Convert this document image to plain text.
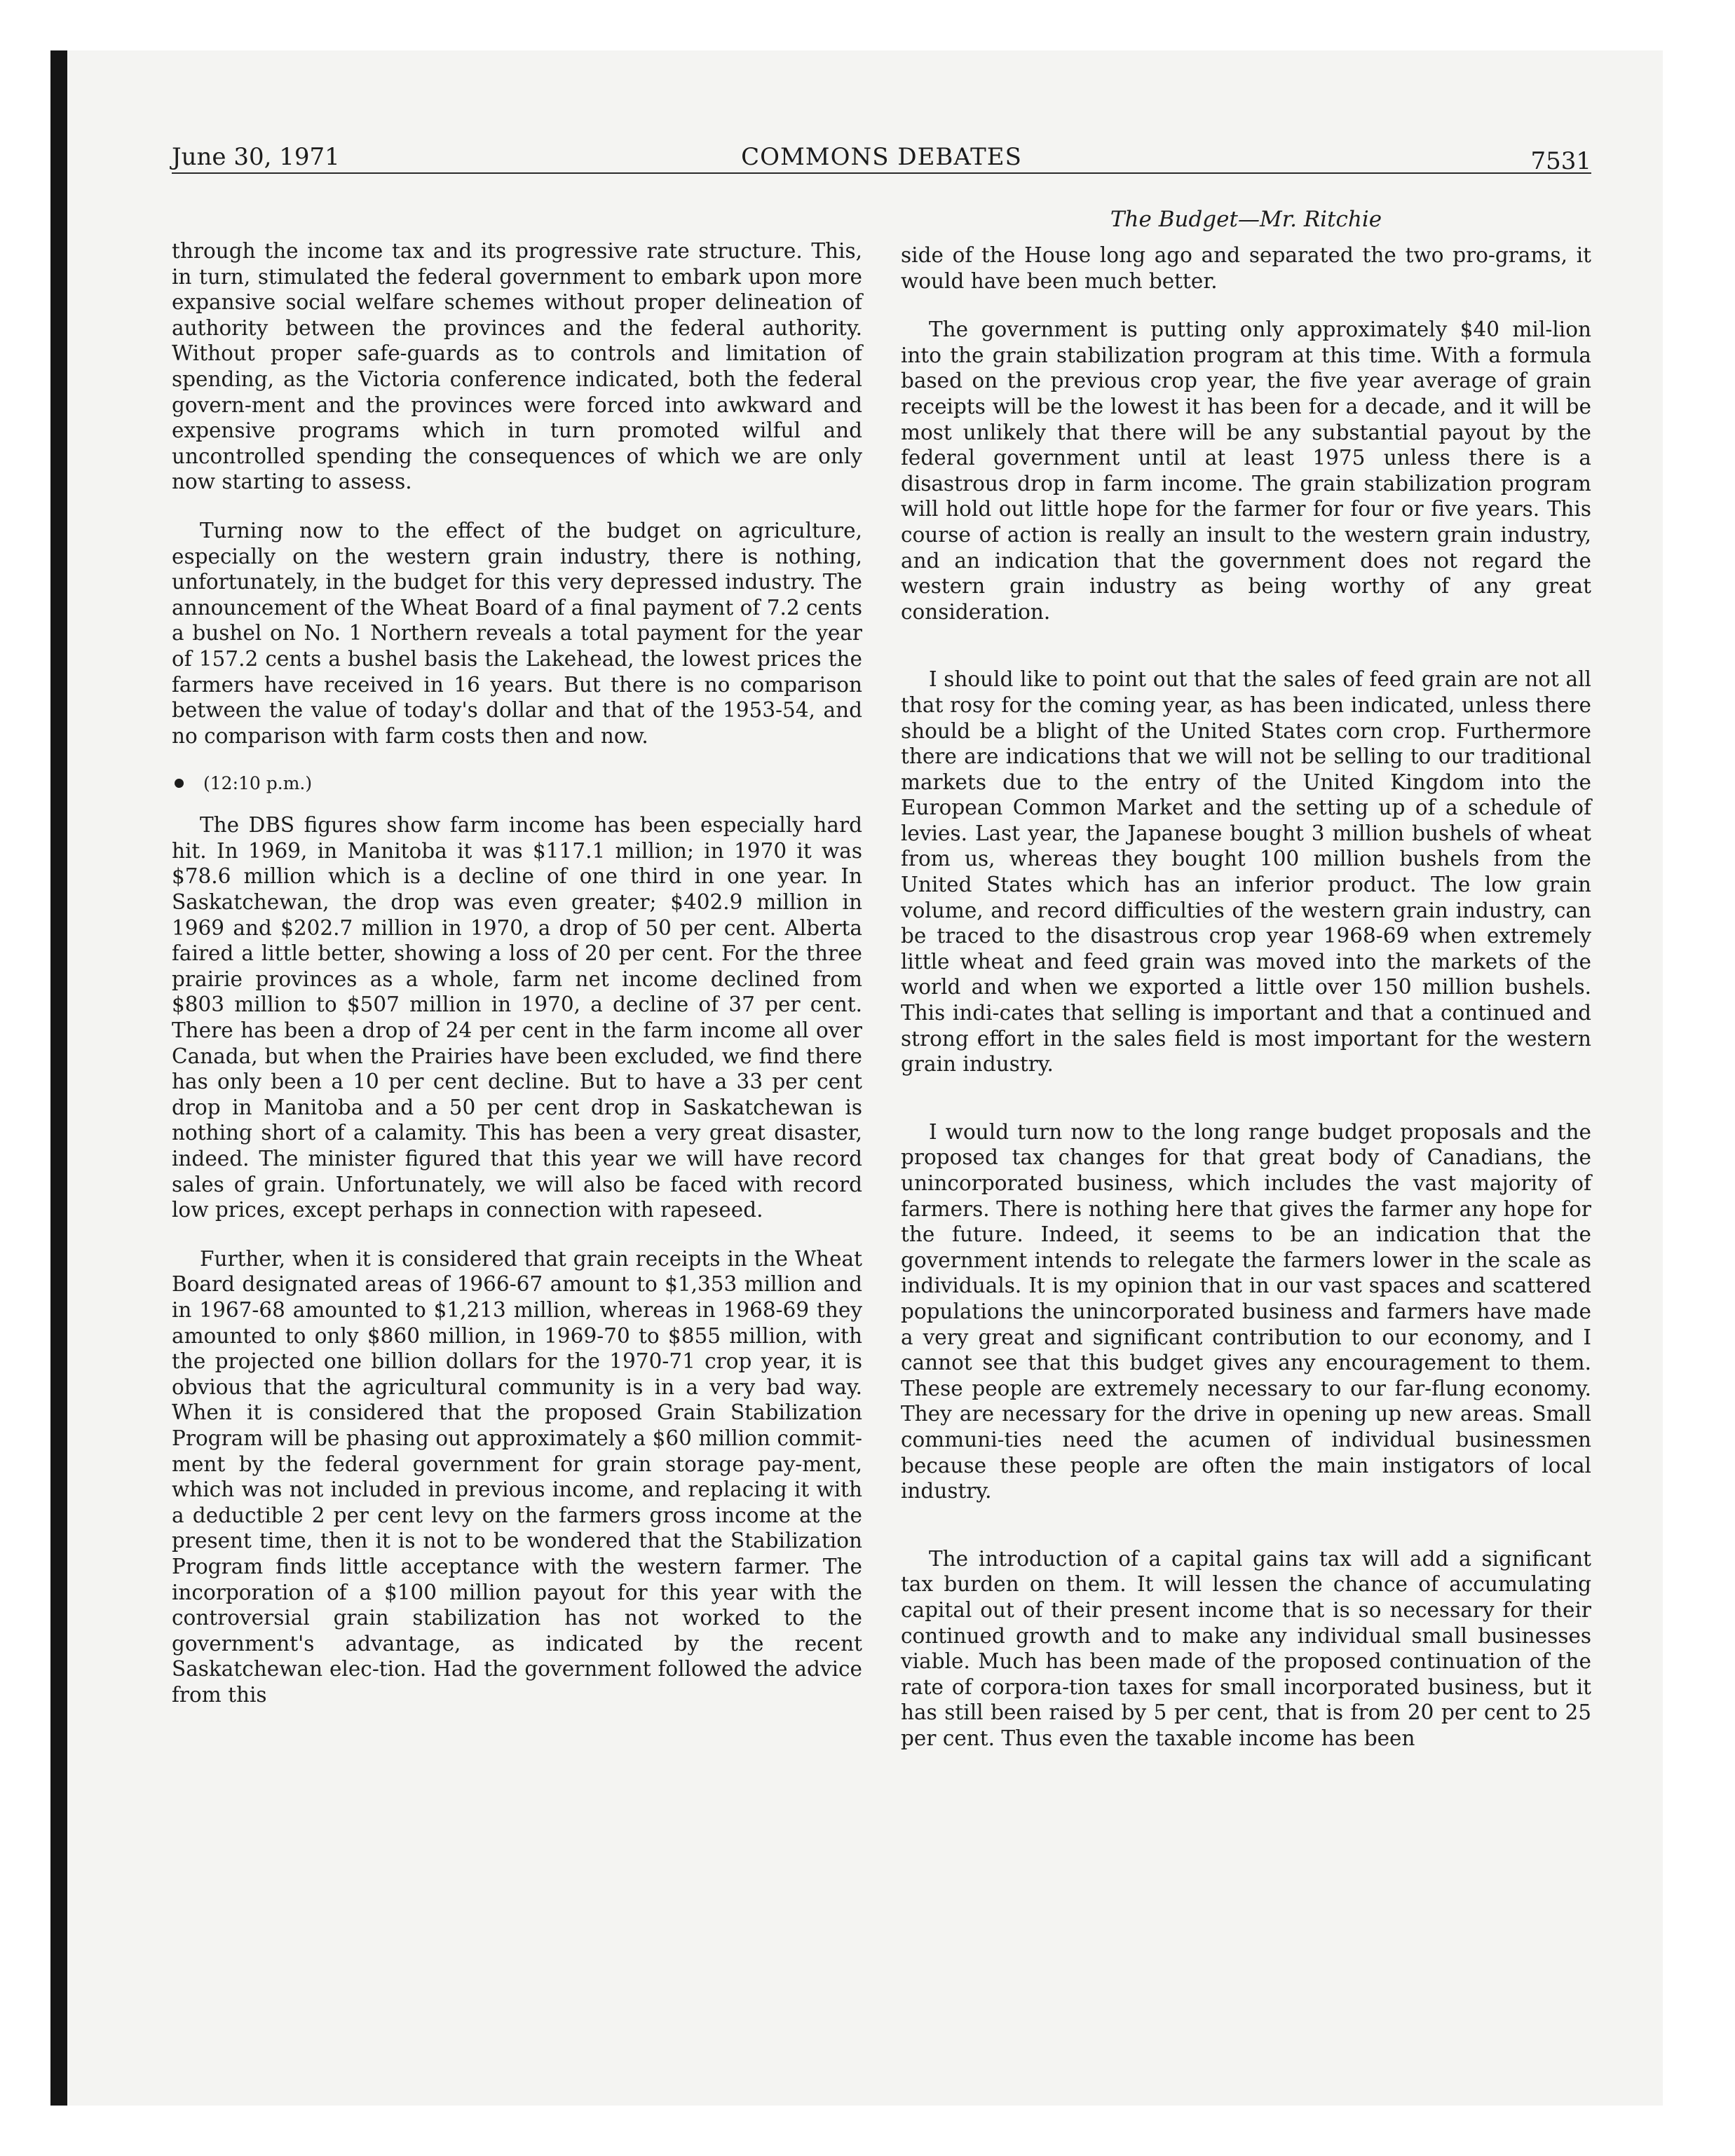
June 30, 1971	COMMONS DEBATES	7531
The Budget—Mr. Ritchie

through the income tax and its progressive rate structure. This, in turn, stimulated the federal government to embark upon more expansive social welfare schemes without proper delineation of authority between the provinces and the federal authority. Without proper safe-guards as to controls and limitation of spending, as the Victoria conference indicated, both the federal govern-ment and the provinces were forced into awkward and expensive programs which in turn promoted wilful and uncontrolled spending the consequences of which we are only now starting to assess.

Turning now to the effect of the budget on agriculture, especially on the western grain industry, there is nothing, unfortunately, in the budget for this very depressed industry. The announcement of the Wheat Board of a final payment of 7.2 cents a bushel on No. 1 Northern reveals a total payment for the year of 157.2 cents a bushel basis the Lakehead, the lowest prices the farmers have received in 16 years. But there is no comparison between the value of today's dollar and that of the 1953-54, and no comparison with farm costs then and now.

(12:10 p.m.)

The DBS figures show farm income has been especially hard hit. In 1969, in Manitoba it was $117.1 million; in 1970 it was $78.6 million which is a decline of one third in one year. In Saskatchewan, the drop was even greater; $402.9 million in 1969 and $202.7 million in 1970, a drop of 50 per cent. Alberta faired a little better, showing a loss of 20 per cent. For the three prairie provinces as a whole, farm net income declined from $803 million to $507 million in 1970, a decline of 37 per cent. There has been a drop of 24 per cent in the farm income all over Canada, but when the Prairies have been excluded, we find there has only been a 10 per cent decline. But to have a 33 per cent drop in Manitoba and a 50 per cent drop in Saskatchewan is nothing short of a calamity. This has been a very great disaster, indeed. The minister figured that this year we will have record sales of grain. Unfortunately, we will also be faced with record low prices, except perhaps in connection with rapeseed.

Further, when it is considered that grain receipts in the Wheat Board designated areas of 1966-67 amount to $1,353 million and in 1967-68 amounted to $1,213 million, whereas in 1968-69 they amounted to only $860 million, in 1969-70 to $855 million, with the projected one billion dollars for the 1970-71 crop year, it is obvious that the agricultural community is in a very bad way. When it is considered that the proposed Grain Stabilization Program will be phasing out approximately a $60 million commit-ment by the federal government for grain storage pay-ment, which was not included in previous income, and replacing it with a deductible 2 per cent levy on the farmers gross income at the present time, then it is not to be wondered that the Stabilization Program finds little acceptance with the western farmer. The incorporation of a $100 million payout for this year with the controversial grain stabilization has not worked to the government's advantage, as indicated by the recent Saskatchewan elec-tion. Had the government followed the advice from this

side of the House long ago and separated the two pro-grams, it would have been much better.

The government is putting only approximately $40 mil-lion into the grain stabilization program at this time. With a formula based on the previous crop year, the five year average of grain receipts will be the lowest it has been for a decade, and it will be most unlikely that there will be any substantial payout by the federal government until at least 1975 unless there is a disastrous drop in farm income. The grain stabilization program will hold out little hope for the farmer for four or five years. This course of action is really an insult to the western grain industry, and an indication that the government does not regard the western grain industry as being worthy of any great consideration.

I should like to point out that the sales of feed grain are not all that rosy for the coming year, as has been indicated, unless there should be a blight of the United States corn crop. Furthermore there are indications that we will not be selling to our traditional markets due to the entry of the United Kingdom into the European Common Market and the setting up of a schedule of levies. Last year, the Japanese bought 3 million bushels of wheat from us, whereas they bought 100 million bushels from the United States which has an inferior product. The low grain volume, and record difficulties of the western grain industry, can be traced to the disastrous crop year 1968-69 when extremely little wheat and feed grain was moved into the markets of the world and when we exported a little over 150 million bushels. This indi-cates that selling is important and that a continued and strong effort in the sales field is most important for the western grain industry.

I would turn now to the long range budget proposals and the proposed tax changes for that great body of Canadians, the unincorporated business, which includes the vast majority of farmers. There is nothing here that gives the farmer any hope for the future. Indeed, it seems to be an indication that the government intends to relegate the farmers lower in the scale as individuals. It is my opinion that in our vast spaces and scattered populations the unincorporated business and farmers have made a very great and significant contribution to our economy, and I cannot see that this budget gives any encouragement to them. These people are extremely necessary to our far-flung economy. They are necessary for the drive in opening up new areas. Small communi-ties need the acumen of individual businessmen because these people are often the main instigators of local industry.

The introduction of a capital gains tax will add a significant tax burden on them. It will lessen the chance of accumulating capital out of their present income that is so necessary for their continued growth and to make any individual small businesses viable. Much has been made of the proposed continuation of the rate of corpora-tion taxes for small incorporated business, but it has still been raised by 5 per cent, that is from 20 per cent to 25 per cent. Thus even the taxable income has been
